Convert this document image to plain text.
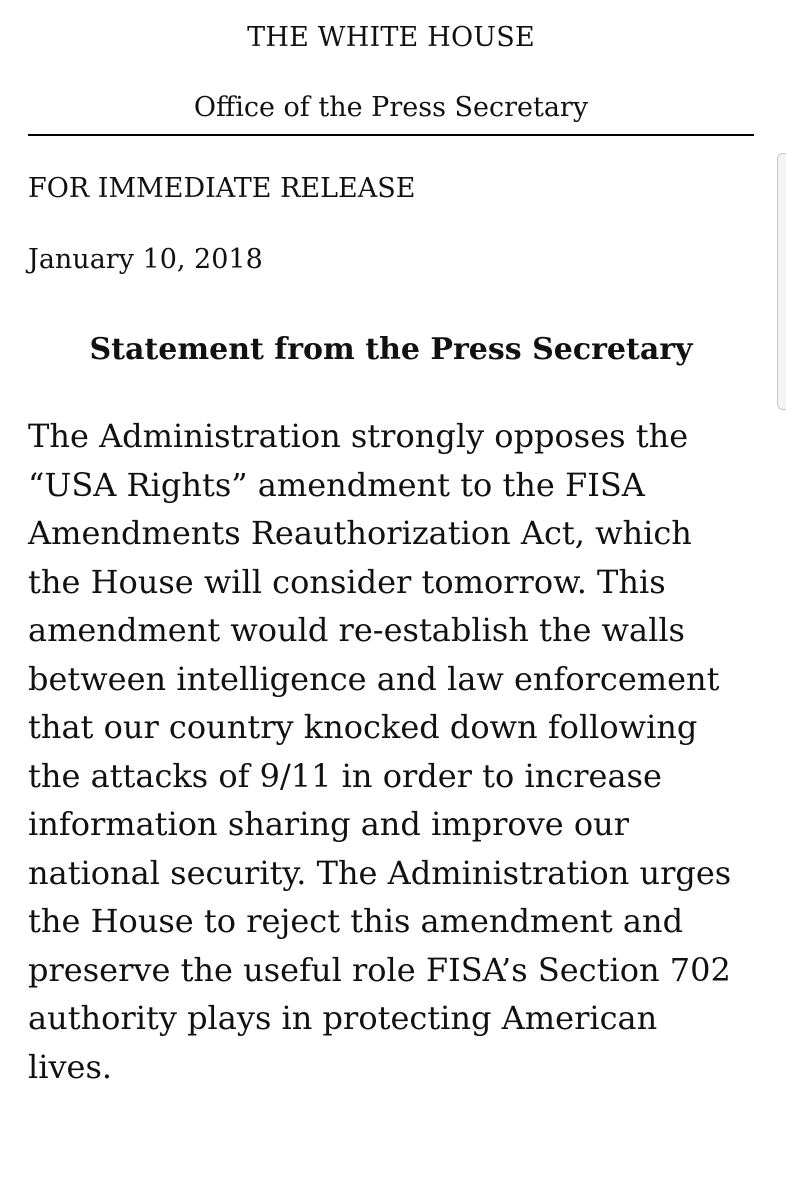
THE WHITE HOUSE
Office of the Press Secretary
FOR IMMEDIATE RELEASE
January 10, 2018
Statement from the Press Secretary

The Administration strongly opposes the
“USA Rights” amendment to the FISA
Amendments Reauthorization Act, which
the House will consider tomorrow. This
amendment would re-establish the walls
between intelligence and law enforcement
that our country knocked down following
the attacks of 9/11 in order to increase
information sharing and improve our
national security. The Administration urges
the House to reject this amendment and
preserve the useful role FISA’s Section 702
authority plays in protecting American
lives.
